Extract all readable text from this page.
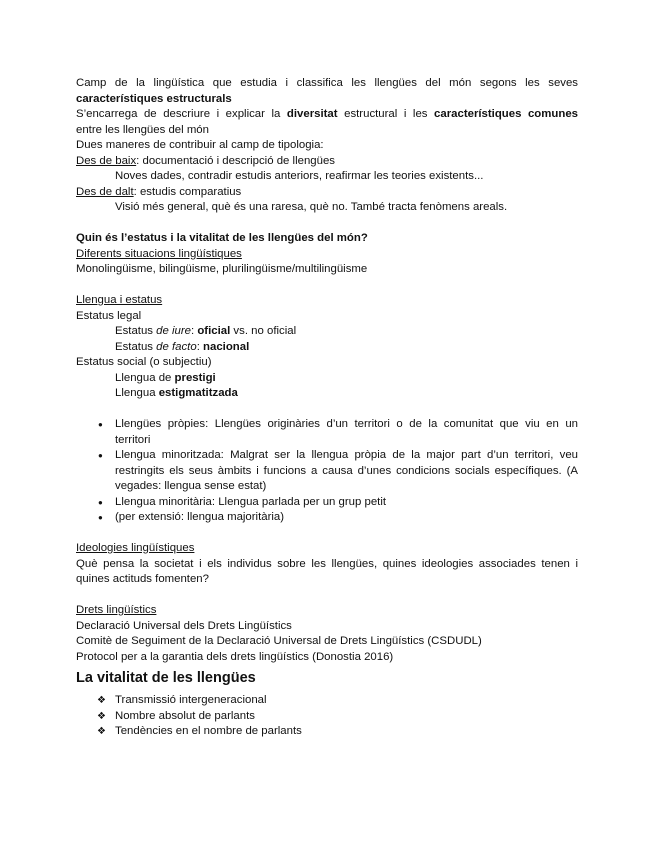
Camp de la lingüística que estudia i classifica les llengües del món segons les seves

característiques estructurals

S’encarrega de descriure i explicar la diversitat estructural i les característiques comunes

entre les llengües del món

Dues maneres de contribuir al camp de tipologia:

Des de baix: documentació i descripció de llengües

Noves dades, contradir estudis anteriors, reafirmar les teories existents...

Des de dalt: estudis comparatius

Visió més general, què és una raresa, què no. També tracta fenòmens areals.

Quin és l’estatus i la vitalitat de les llengües del món?

Diferents situacions lingüístiques

Monolingüisme, bilingüisme, plurilingüisme/multilingüisme

Llengua i estatus

Estatus legal

Estatus de iure: oficial vs. no oficial

Estatus de facto: nacional

Estatus social (o subjectiu)

Llengua de prestigi

Llengua estigmatitzada

● Llengües pròpies: Llengües originàries d’un territori o de la comunitat que viu en un

territori

● Llengua minoritzada: Malgrat ser la llengua pròpia de la major part d’un territori, veu

restringits els seus àmbits i funcions a causa d’unes condicions socials específiques. (A

vegades: llengua sense estat)

● Llengua minoritària: Llengua parlada per un grup petit
● (per extensió: llengua majoritària)

Ideologies lingüístiques

Què pensa la societat i els individus sobre les llengües, quines ideologies associades tenen i

quines actituds fomenten?

Drets lingüístics

Declaració Universal dels Drets Lingüístics

Comitè de Seguiment de la Declaració Universal de Drets Lingüístics (CSDUDL)

Protocol per a la garantia dels drets lingüístics (Donostia 2016)

La vitalitat de les llengües
❖ Transmissió intergeneracional
❖ Nombre absolut de parlants
❖ Tendències en el nombre de parlants
